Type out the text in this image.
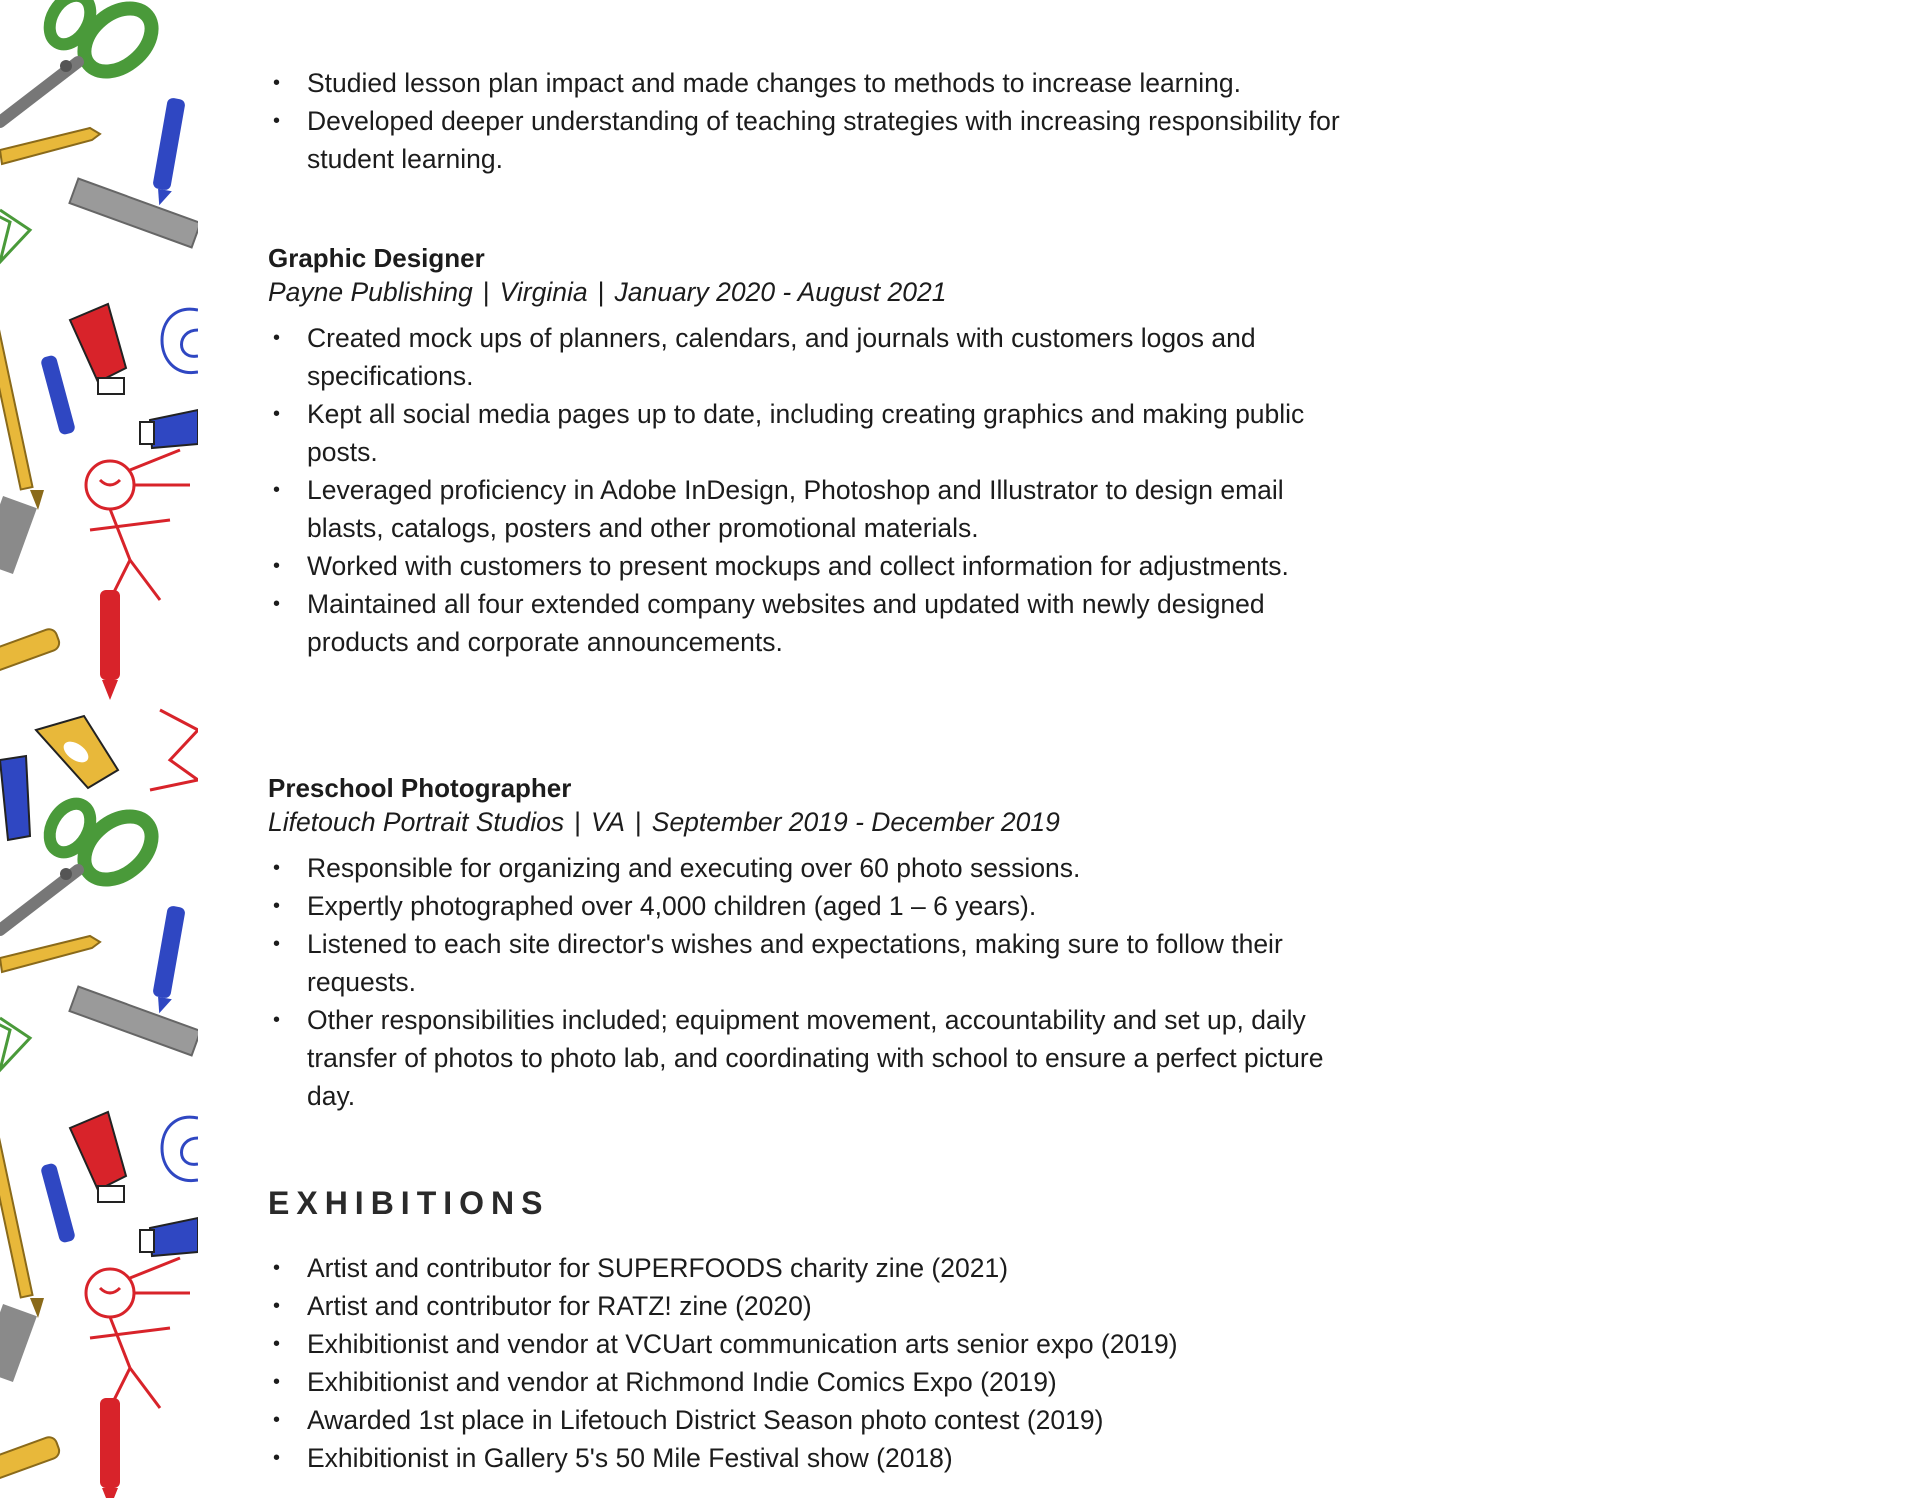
• Studied lesson plan impact and made changes to methods to increase learning.
• Developed deeper understanding of teaching strategies with increasing responsibility for student learning.
Graphic Designer
Payne Publishing | Virginia | January 2020 - August 2021
• Created mock ups of planners, calendars, and journals with customers logos and specifications.
• Kept all social media pages up to date, including creating graphics and making public posts.
• Leveraged proficiency in Adobe InDesign, Photoshop and Illustrator to design email blasts, catalogs, posters and other promotional materials.
• Worked with customers to present mockups and collect information for adjustments.
• Maintained all four extended company websites and updated with newly designed products and corporate announcements.
Preschool Photographer
Lifetouch Portrait Studios | VA | September 2019 - December 2019
• Responsible for organizing and executing over 60 photo sessions.
• Expertly photographed over 4,000 children (aged 1 – 6 years).
• Listened to each site director's wishes and expectations, making sure to follow their requests.
• Other responsibilities included; equipment movement, accountability and set up, daily transfer of photos to photo lab, and coordinating with school to ensure a perfect picture day.
EXHIBITIONS
• Artist and contributor for SUPERFOODS charity zine (2021)
• Artist and contributor for RATZ! zine (2020)
• Exhibitionist and vendor at VCUart communication arts senior expo (2019)
• Exhibitionist and vendor at Richmond Indie Comics Expo (2019)
• Awarded 1st place in Lifetouch District Season photo contest (2019)
• Exhibitionist in Gallery 5's 50 Mile Festival show (2018)
